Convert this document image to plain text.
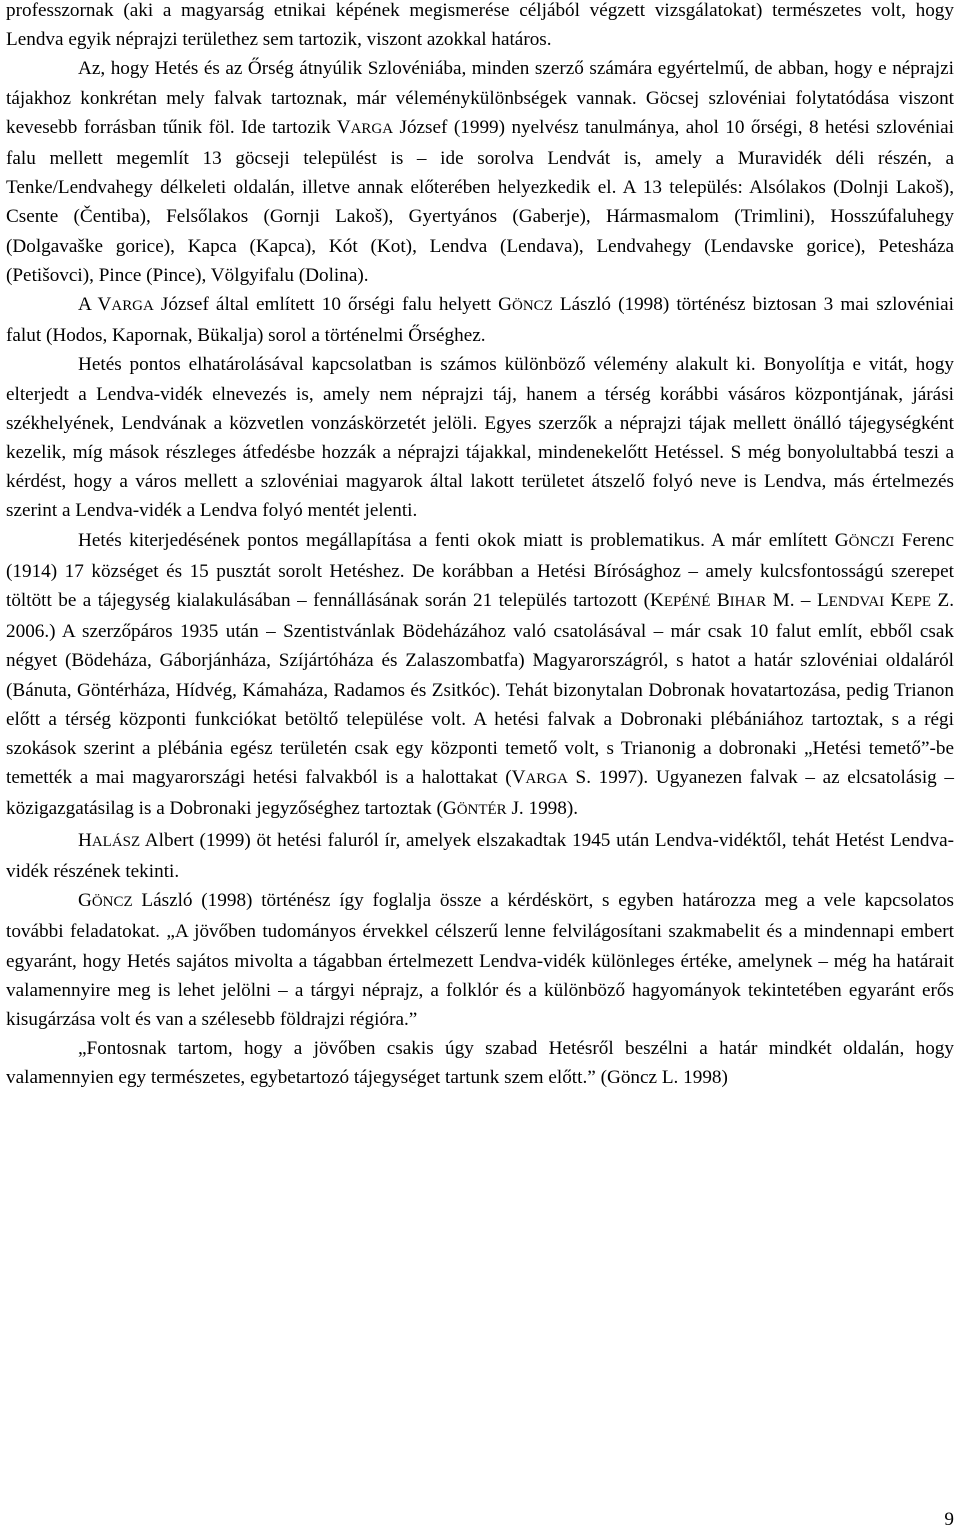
professzornak (aki a magyarság etnikai képének megismerése céljából végzett vizsgálatokat) természetes volt, hogy Lendva egyik néprajzi területhez sem tartozik, viszont azokkal határos.

Az, hogy Hetés és az Őrség átnyúlik Szlovéniába, minden szerző számára egyértelmű, de abban, hogy e néprajzi tájakhoz konkrétan mely falvak tartoznak, már véleménykülönbségek vannak. Göcsej szlovéniai folytatódása viszont kevesebb forrásban tűnik föl. Ide tartozik VARGA József (1999) nyelvész tanulmánya, ahol 10 őrségi, 8 hetési szlovéniai falu mellett megemlít 13 göcseji települést is – ide sorolva Lendvát is, amely a Muravidék déli részén, a Tenke/Lendvahegy délkeleti oldalán, illetve annak előterében helyezkedik el. A 13 település: Alsólakos (Dolnji Lakoš), Csente (Čentiba), Felsőlakos (Gornji Lakoš), Gyertyános (Gaberje), Hármasmalom (Trimlini), Hosszúfaluhegy (Dolgavaške gorice), Kapca (Kapca), Kót (Kot), Lendva (Lendava), Lendvahegy (Lendavske gorice), Petesháza (Petišovci), Pince (Pince), Völgyifalu (Dolina).

A VARGA József által említett 10 őrségi falu helyett GÖNCZ László (1998) történész biztosan 3 mai szlovéniai falut (Hodos, Kapornak, Bükalja) sorol a történelmi Őrséghez.

Hetés pontos elhatárolásával kapcsolatban is számos különböző vélemény alakult ki. Bonyolítja e vitát, hogy elterjedt a Lendva-vidék elnevezés is, amely nem néprajzi táj, hanem a térség korábbi vásáros központjának, járási székhelyének, Lendvának a közvetlen vonzáskörzetét jelöli. Egyes szerzők a néprajzi tájak mellett önálló tájegységként kezelik, míg mások részleges átfedésbe hozzák a néprajzi tájakkal, mindenekelőtt Hetéssel. S még bonyolultabbá teszi a kérdést, hogy a város mellett a szlovéniai magyarok által lakott területet átszelő folyó neve is Lendva, más értelmezés szerint a Lendva-vidék a Lendva folyó mentét jelenti.

Hetés kiterjedésének pontos megállapítása a fenti okok miatt is problematikus. A már említett GÖNCZI Ferenc (1914) 17 községet és 15 pusztát sorolt Hetéshez. De korábban a Hetési Bírósághoz – amely kulcsfontosságú szerepet töltött be a tájegység kialakulásában – fennállásának során 21 település tartozott (KEPÉNÉ BIHAR M. – LENDVAI KEPE Z. 2006.) A szerzőpáros 1935 után – Szentistvánlak Bödeházához való csatolásával – már csak 10 falut említ, ebből csak négyet (Bödeháza, Gáborjánháza, Szíjártóháza és Zalaszombatfa) Magyarországról, s hatot a határ szlovéniai oldaláról (Bánuta, Göntérháza, Hídvég, Kámaháza, Radamos és Zsitkóc). Tehát bizonytalan Dobronak hovatartozása, pedig Trianon előtt a térség központi funkciókat betöltő települése volt. A hetési falvak a Dobronaki plébániához tartoztak, s a régi szokások szerint a plébánia egész területén csak egy központi temető volt, s Trianonig a dobronaki „Hetési temető”-be temették a mai magyarországi hetési falvakból is a halottakat (VARGA S. 1997). Ugyanezen falvak – az elcsatolásig – közigazgatásilag is a Dobronaki jegyzőséghez tartoztak (GÖNTÉR J. 1998).

HALÁSZ Albert (1999) öt hetési faluról ír, amelyek elszakadtak 1945 után Lendva-vidéktől, tehát Hetést Lendva-vidék részének tekinti.

GÖNCZ László (1998) történész így foglalja össze a kérdéskört, s egyben határozza meg a vele kapcsolatos további feladatokat. „A jövőben tudományos érvekkel célszerű lenne felvilágosítani szakmabelit és a mindennapi embert egyaránt, hogy Hetés sajátos mivolta a tágabban értelmezett Lendva-vidék különleges értéke, amelynek – még ha határait valamennyire meg is lehet jelölni – a tárgyi néprajz, a folklór és a különböző hagyományok tekintetében egyaránt erős kisugárzása volt és van a szélesebb földrajzi régióra.”

„Fontosnak tartom, hogy a jövőben csakis úgy szabad Hetésről beszélni a határ mindkét oldalán, hogy valamennyien egy természetes, egybetartozó tájegységet tartunk szem előtt.” (Göncz L. 1998)

9
